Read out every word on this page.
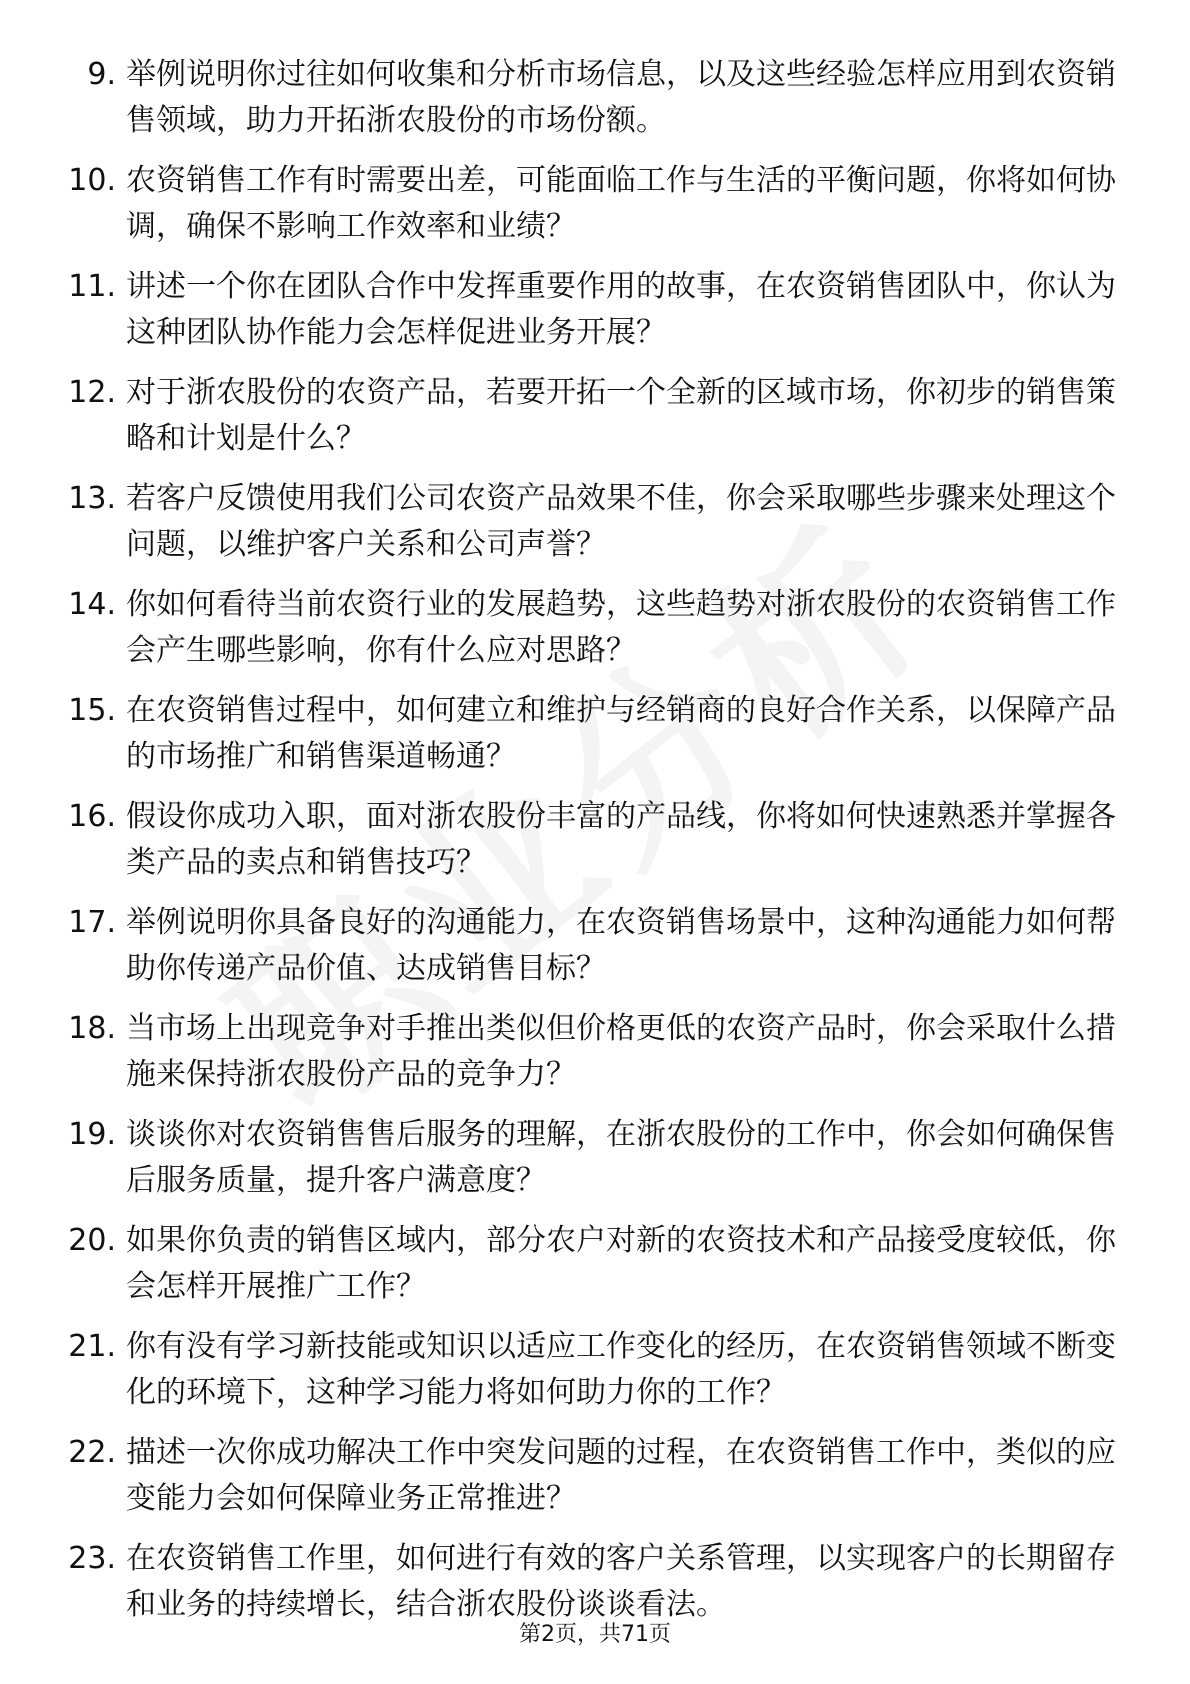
9. 举例说明你过往如何收集和分析市场信息，以及这些经验怎样应用到农资销售领域，助力开拓浙农股份的市场份额。
10. 农资销售工作有时需要出差，可能面临工作与生活的平衡问题，你将如何协调，确保不影响工作效率和业绩？
11. 讲述一个你在团队合作中发挥重要作用的故事，在农资销售团队中，你认为这种团队协作能力会怎样促进业务开展？
12. 对于浙农股份的农资产品，若要开拓一个全新的区域市场，你初步的销售策略和计划是什么？
13. 若客户反馈使用我们公司农资产品效果不佳，你会采取哪些步骤来处理这个问题，以维护客户关系和公司声誉？
14. 你如何看待当前农资行业的发展趋势，这些趋势对浙农股份的农资销售工作会产生哪些影响，你有什么应对思路？
15. 在农资销售过程中，如何建立和维护与经销商的良好合作关系，以保障产品的市场推广和销售渠道畅通？
16. 假设你成功入职，面对浙农股份丰富的产品线，你将如何快速熟悉并掌握各类产品的卖点和销售技巧？
17. 举例说明你具备良好的沟通能力，在农资销售场景中，这种沟通能力如何帮助你传递产品价值、达成销售目标？
18. 当市场上出现竞争对手推出类似但价格更低的农资产品时，你会采取什么措施来保持浙农股份产品的竞争力？
19. 谈谈你对农资销售售后服务的理解，在浙农股份的工作中，你会如何确保售后服务质量，提升客户满意度？
20. 如果你负责的销售区域内，部分农户对新的农资技术和产品接受度较低，你会怎样开展推广工作？
21. 你有没有学习新技能或知识以适应工作变化的经历，在农资销售领域不断变化的环境下，这种学习能力将如何助力你的工作？
22. 描述一次你成功解决工作中突发问题的过程，在农资销售工作中，类似的应变能力会如何保障业务正常推进？
23. 在农资销售工作里，如何进行有效的客户关系管理，以实现客户的长期留存和业务的持续增长，结合浙农股份谈谈看法。
第2页，共71页
